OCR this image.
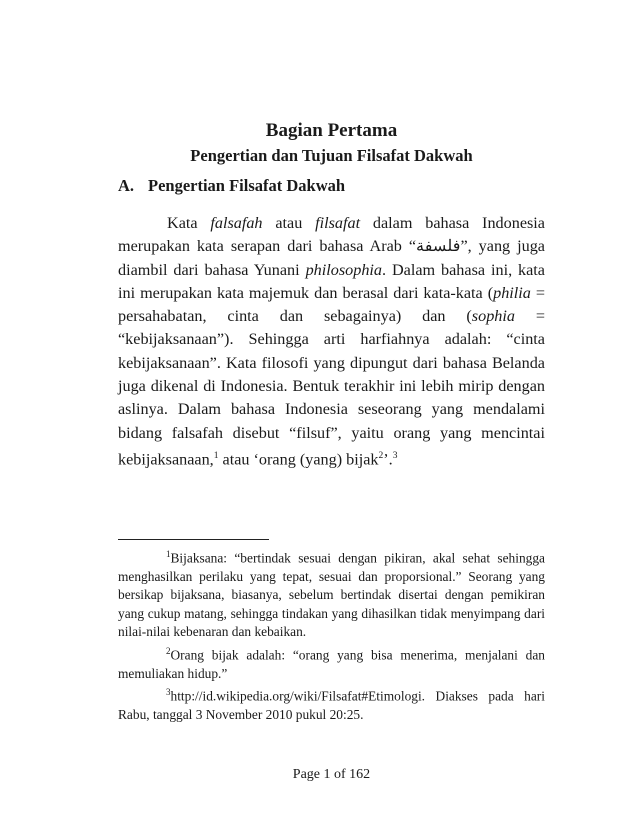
Bagian Pertama
Pengertian dan Tujuan Filsafat Dakwah
A. Pengertian Filsafat Dakwah

Kata falsafah atau filsafat dalam bahasa Indonesia merupakan kata serapan dari bahasa Arab “فلسفة”, yang juga diambil dari bahasa Yunani philosophia. Dalam bahasa ini, kata ini merupakan kata majemuk dan berasal dari kata-kata (philia = persahabatan, cinta dan sebagainya) dan (sophia = “kebijaksanaan”). Sehingga arti harfiahnya adalah: “cinta kebijaksanaan”. Kata filosofi yang dipungut dari bahasa Belanda juga dikenal di Indonesia. Bentuk terakhir ini lebih mirip dengan aslinya. Dalam bahasa Indonesia seseorang yang mendalami bidang falsafah disebut “filsuf”, yaitu orang yang mencintai kebijaksanaan,$^1$ atau ‘orang (yang) bijak$^2$’.$^3$

$^1$Bijaksana: “bertindak sesuai dengan pikiran, akal sehat sehingga menghasilkan perilaku yang tepat, sesuai dan proporsional.” Seorang yang bersikap bijaksana, biasanya, sebelum bertindak disertai dengan pemikiran yang cukup matang, sehingga tindakan yang dihasilkan tidak menyimpang dari nilai-nilai kebenaran dan kebaikan.

$^2$Orang bijak adalah: “orang yang bisa menerima, menjalani dan memuliakan hidup.”

$^3$http://id.wikipedia.org/wiki/Filsafat#Etimologi. Diakses pada hari Rabu, tanggal 3 November 2010 pukul 20:25.

Page 1 of 162
